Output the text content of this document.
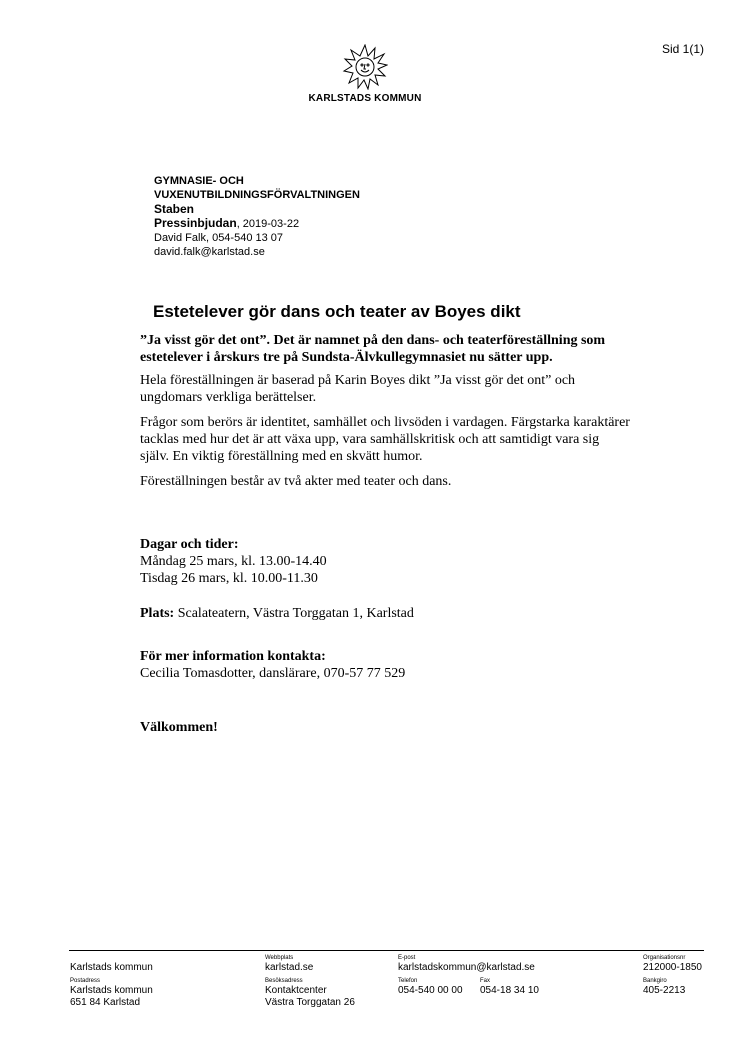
Sid 1(1)
KARLSTADS KOMMUN
GYMNASIE- OCH
VUXENUTBILDNINGSFÖRVALTNINGEN
Staben
Pressinbjudan, 2019-03-22
David Falk, 054-540 13 07
david.falk@karlstad.se
Estetelever gör dans och teater av Boyes dikt

”Ja visst gör det ont”. Det är namnet på den dans- och teaterföreställning som estetelever i årskurs tre på Sundsta-Älvkullegymnasiet nu sätter upp.

Hela föreställningen är baserad på Karin Boyes dikt ”Ja visst gör det ont” och ungdomars verkliga berättelser.

Frågor som berörs är identitet, samhället och livsöden i vardagen. Färgstarka karaktärer tacklas med hur det är att växa upp, vara samhällskritisk och att samtidigt vara sig själv. En viktig föreställning med en skvätt humor.

Föreställningen består av två akter med teater och dans.

Dagar och tider:
Måndag 25 mars, kl. 13.00-14.40
Tisdag 26 mars, kl. 10.00-11.30
Plats: Scalateatern, Västra Torggatan 1, Karlstad
För mer information kontakta:
Cecilia Tomasdotter, danslärare, 070-57 77 529
Välkommen!

Karlstads kommun
Postadress
Karlstads kommun
651 84 Karlstad
Webbplats
karlstad.se
Besöksadress
Kontaktcenter
Västra Torggatan 26
E-post
karlstadskommun@karlstad.se
Telefon
054-540 00 00

Fax
054-18 34 10
Organisationsnr
212000-1850
Bankgiro
405-2213
